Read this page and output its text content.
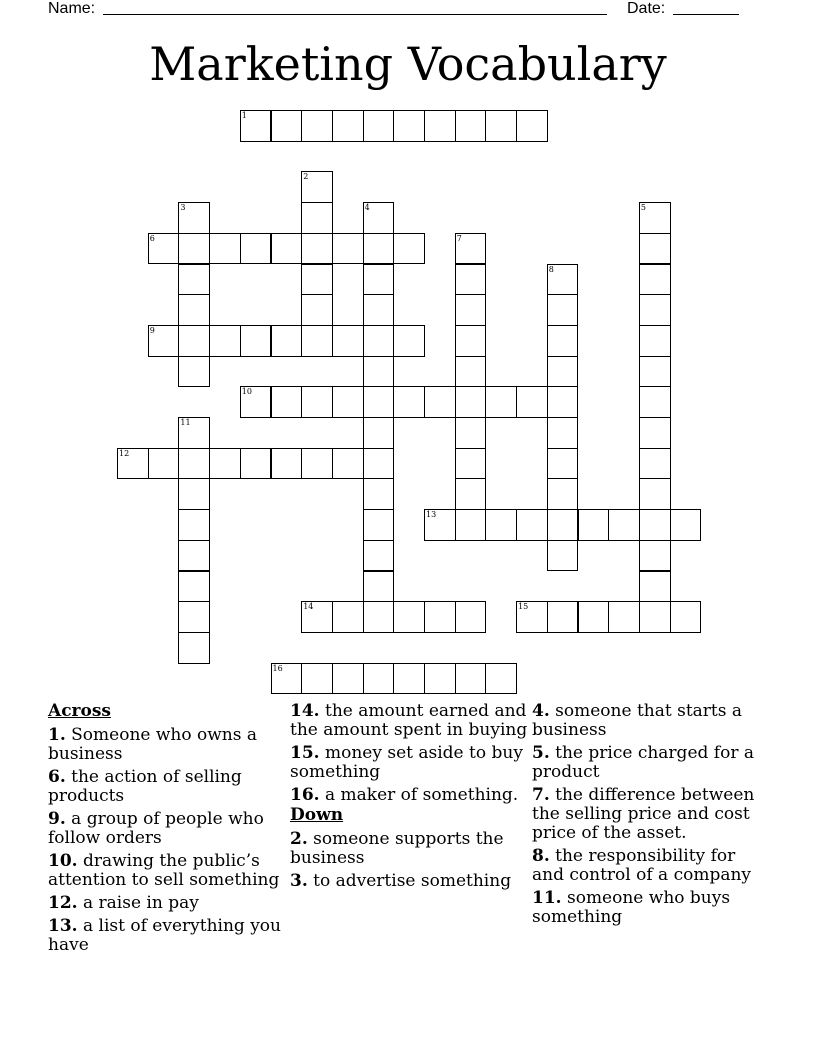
Name:	Date:
Marketing Vocabulary
1
2
3	4	5
6	7
8
9
10
11
12
13
14	15
16
Across
1. Someone who owns a business
6. the action of selling products
9. a group of people who follow orders
10. drawing the public’s attention to sell something
12. a raise in pay
13. a list of everything you have
14. the amount earned and the amount spent in buying
15. money set aside to buy something
16. a maker of something.
Down
2. someone supports the business
3. to advertise something
4. someone that starts a business
5. the price charged for a product
7. the difference between the selling price and cost price of the asset.
8. the responsibility for and control of a company
11. someone who buys something
